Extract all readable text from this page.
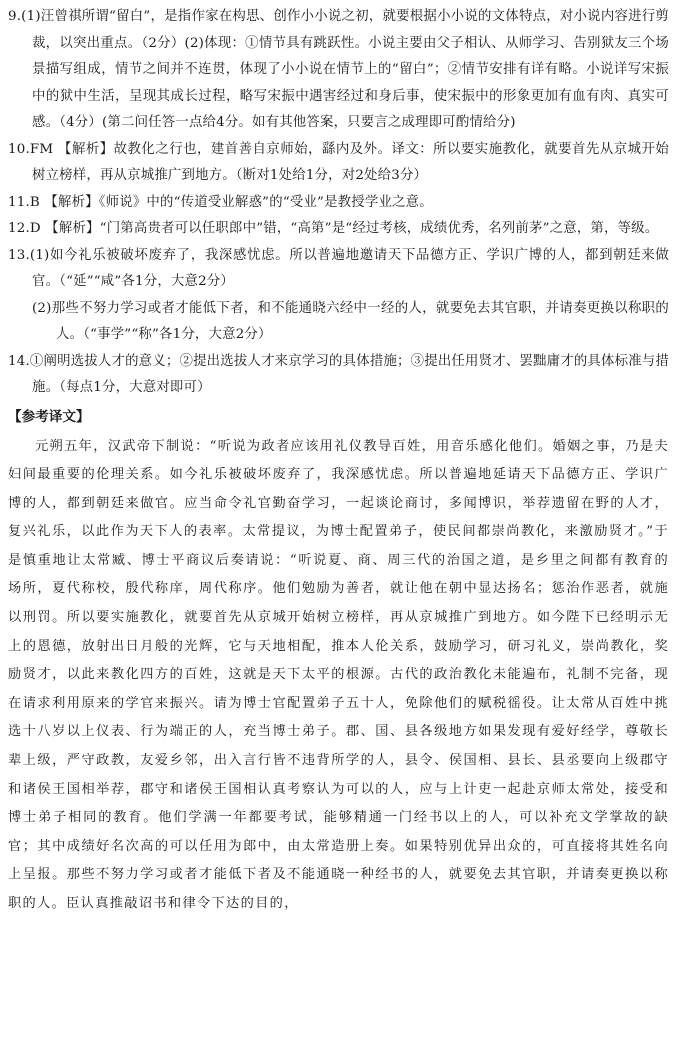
9.(1)汪曾祺所谓“留白”，是指作家在构思、创作小小说之初，就要根据小小说的文体特点，对小说内容进行剪裁，以突出重点。（2分）(2)体现：①情节具有跳跃性。小说主要由父子相认、从师学习、告别狱友三个场景描写组成，情节之间并不连贯，体现了小小说在情节上的“留白”；②情节安排有详有略。小说详写宋振中的狱中生活，呈现其成长过程，略写宋振中遇害经过和身后事，使宋振中的形象更加有血有肉、真实可感。（4分）(第二问任答一点给4分。如有其他答案，只要言之成理即可酌情给分)

10.FM 【解析】故教化之行也，建首善自京师始，繇内及外。译文：所以要实施教化，就要首先从京城开始树立榜样，再从京城推广到地方。（断对1处给1分，对2处给3分）

11.B 【解析】《师说》中的“传道受业解惑”的“受业”是教授学业之意。

12.D 【解析】“门第高贵者可以任职郎中”错，“高第”是“经过考核，成绩优秀，名列前茅”之意，第，等级。

13.(1)如今礼乐被破坏废弃了，我深感忧虑。所以普遍地邀请天下品德方正、学识广博的人，都到朝廷来做官。（“延”“咸”各1分，大意2分）

(2)那些不努力学习或者才能低下者，和不能通晓六经中一经的人，就要免去其官职，并请奏更换以称职的人。（“事学”“称”各1分，大意2分）

14.①阐明选拔人才的意义；②提出选拔人才来京学习的具体措施；③提出任用贤才、罢黜庸才的具体标准与措施。（每点1分，大意对即可）

【参考译文】

元朔五年，汉武帝下制说：“听说为政者应该用礼仪教导百姓，用音乐感化他们。婚姻之事，乃是夫妇间最重要的伦理关系。如今礼乐被破坏废弃了，我深感忧虑。所以普遍地延请天下品德方正、学识广博的人，都到朝廷来做官。应当命令礼官勤奋学习，一起谈论商讨，多闻博识，举荐遗留在野的人才，复兴礼乐，以此作为天下人的表率。太常提议，为博士配置弟子，使民间都崇尚教化，来激励贤才。”于是慎重地让太常臧、博士平商议后奏请说：“听说夏、商、周三代的治国之道，是乡里之间都有教育的场所，夏代称校，殷代称庠，周代称序。他们勉励为善者，就让他在朝中显达扬名；惩治作恶者，就施以刑罚。所以要实施教化，就要首先从京城开始树立榜样，再从京城推广到地方。如今陛下已经明示无上的恩德，放射出日月般的光辉，它与天地相配，推本人伦关系，鼓励学习，研习礼义，崇尚教化，奖励贤才，以此来教化四方的百姓，这就是天下太平的根源。古代的政治教化未能遍布，礼制不完备，现在请求利用原来的学官来振兴。请为博士官配置弟子五十人，免除他们的赋税徭役。让太常从百姓中挑选十八岁以上仪表、行为端正的人，充当博士弟子。郡、国、县各级地方如果发现有爱好经学，尊敬长辈上级，严守政教，友爱乡邻，出入言行皆不违背所学的人，县令、侯国相、县长、县丞要向上级郡守和诸侯王国相举荐，郡守和诸侯王国相认真考察认为可以的人，应与上计吏一起赴京师太常处，接受和博士弟子相同的教育。他们学满一年都要考试，能够精通一门经书以上的人，可以补充文学掌故的缺官；其中成绩好名次高的可以任用为郎中，由太常造册上奏。如果特别优异出众的，可直接将其姓名向上呈报。那些不努力学习或者才能低下者及不能通晓一种经书的人，就要免去其官职，并请奏更换以称职的人。臣认真推敲诏书和律令下达的目的，
